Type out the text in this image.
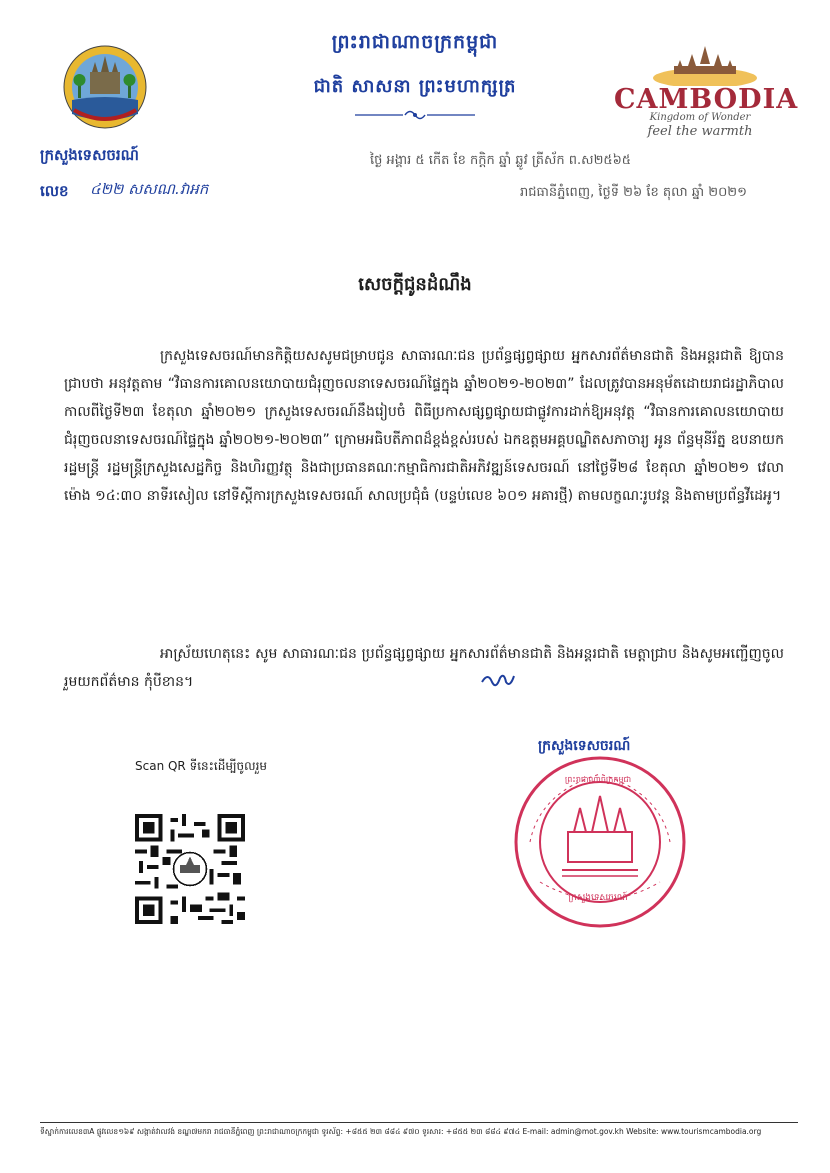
ព្រះរាជាណាចក្រកម្ពុជា
ជាតិ សាសនា ព្រះមហាក្សត្រ	CAMBODIA
Kingdom of Wonder
feel the warmth
ក្រសួងទេសចរណ៍
លេខ ៤២២ សសណ.វាអក
ថ្ងៃ អង្គារ ៥ កើត ខែ កក្ដិក ឆ្នាំ ឆ្លូវ ត្រីស័ក ព.ស២៥៦៥
រាជធានីភ្នំពេញ, ថ្ងៃទី ២៦ ខែ តុលា ឆ្នាំ ២០២១
សេចក្ដីជូនដំណឹង
ក្រសួងទេសចរណ៍មានកិត្តិយសសូមជម្រាបជូន សាធារណៈជន ប្រព័ន្ធផ្សព្វផ្សាយ អ្នកសារព័ត៌មានជាតិ និងអន្តរជាតិ ឱ្យបានជ្រាបថា អនុវត្តតាម “វិធានការគោលនយោបាយជំរុញចលនាទេសចរណ៍ផ្ទៃក្នុង ឆ្នាំ២០២១-២០២៣” ដែលត្រូវបានអនុម័តដោយរាជរដ្ឋាភិបាល កាលពីថ្ងៃទី២៣ ខែតុលា ឆ្នាំ២០២១ ក្រសួងទេសចរណ៍នឹងរៀបចំ ពិធីប្រកាសផ្សព្វផ្សាយជាផ្លូវការដាក់ឱ្យអនុវត្ត “វិធានការគោលនយោបាយជំរុញចលនាទេសចរណ៍ផ្ទៃក្នុង ឆ្នាំ២០២១-២០២៣” ក្រោមអធិបតីភាពដ៏ខ្ពង់ខ្ពស់របស់ ឯកឧត្តមអគ្គបណ្ឌិតសភាចារ្យ អូន ព័ន្ធមុនីរ័ត្ន ឧបនាយករដ្ឋមន្ត្រី រដ្ឋមន្ត្រីក្រសួងសេដ្ឋកិច្ច និងហិរញ្ញវត្ថុ និងជាប្រធានគណៈកម្មាធិការជាតិអភិវឌ្ឍន៍ទេសចរណ៍ នៅថ្ងៃទី២៨ ខែតុលា ឆ្នាំ២០២១ វេលាម៉ោង ១៤:៣០ នាទីរសៀល នៅទីស្ដីការក្រសួងទេសចរណ៍ សាលប្រជុំធំ (បន្ទប់លេខ ៦០១ អគារថ្មី) តាមលក្ខណៈរូបវន្ត និងតាមប្រព័ន្ធវីដេអូ។
អាស្រ័យហេតុនេះ សូម សាធារណៈជន ប្រព័ន្ធផ្សព្វផ្សាយ អ្នកសារព័ត៌មានជាតិ និងអន្តរជាតិ មេត្តាជ្រាប និងសូមអញ្ជើញចូលរួមយកព័ត៌មាន កុំបីខាន។
ក្រសួងទេសចរណ៍
ព្រះរាជាណាចក្រកម្ពុជា
ក្រសួងទេសចរណ៍
Scan QR ទីនេះដើម្បីចូលរួម
ទីស្នាក់ការលេខ៣A ផ្លូវលេខ១៦៩ សង្កាត់វាលវង់ ខណ្ឌ៧មករា រាជធានីភ្នំពេញ ព្រះរាជាណាចក្រកម្ពុជា ទូរស័ព្ទ: +៨៥៥ ២៣ ៨៨៤ ៩៧០ ទូរសារ: +៨៥៥ ២៣ ៨៨៤ ៩៧៤ E-mail: admin@mot.gov.kh Website: www.tourismcambodia.org
